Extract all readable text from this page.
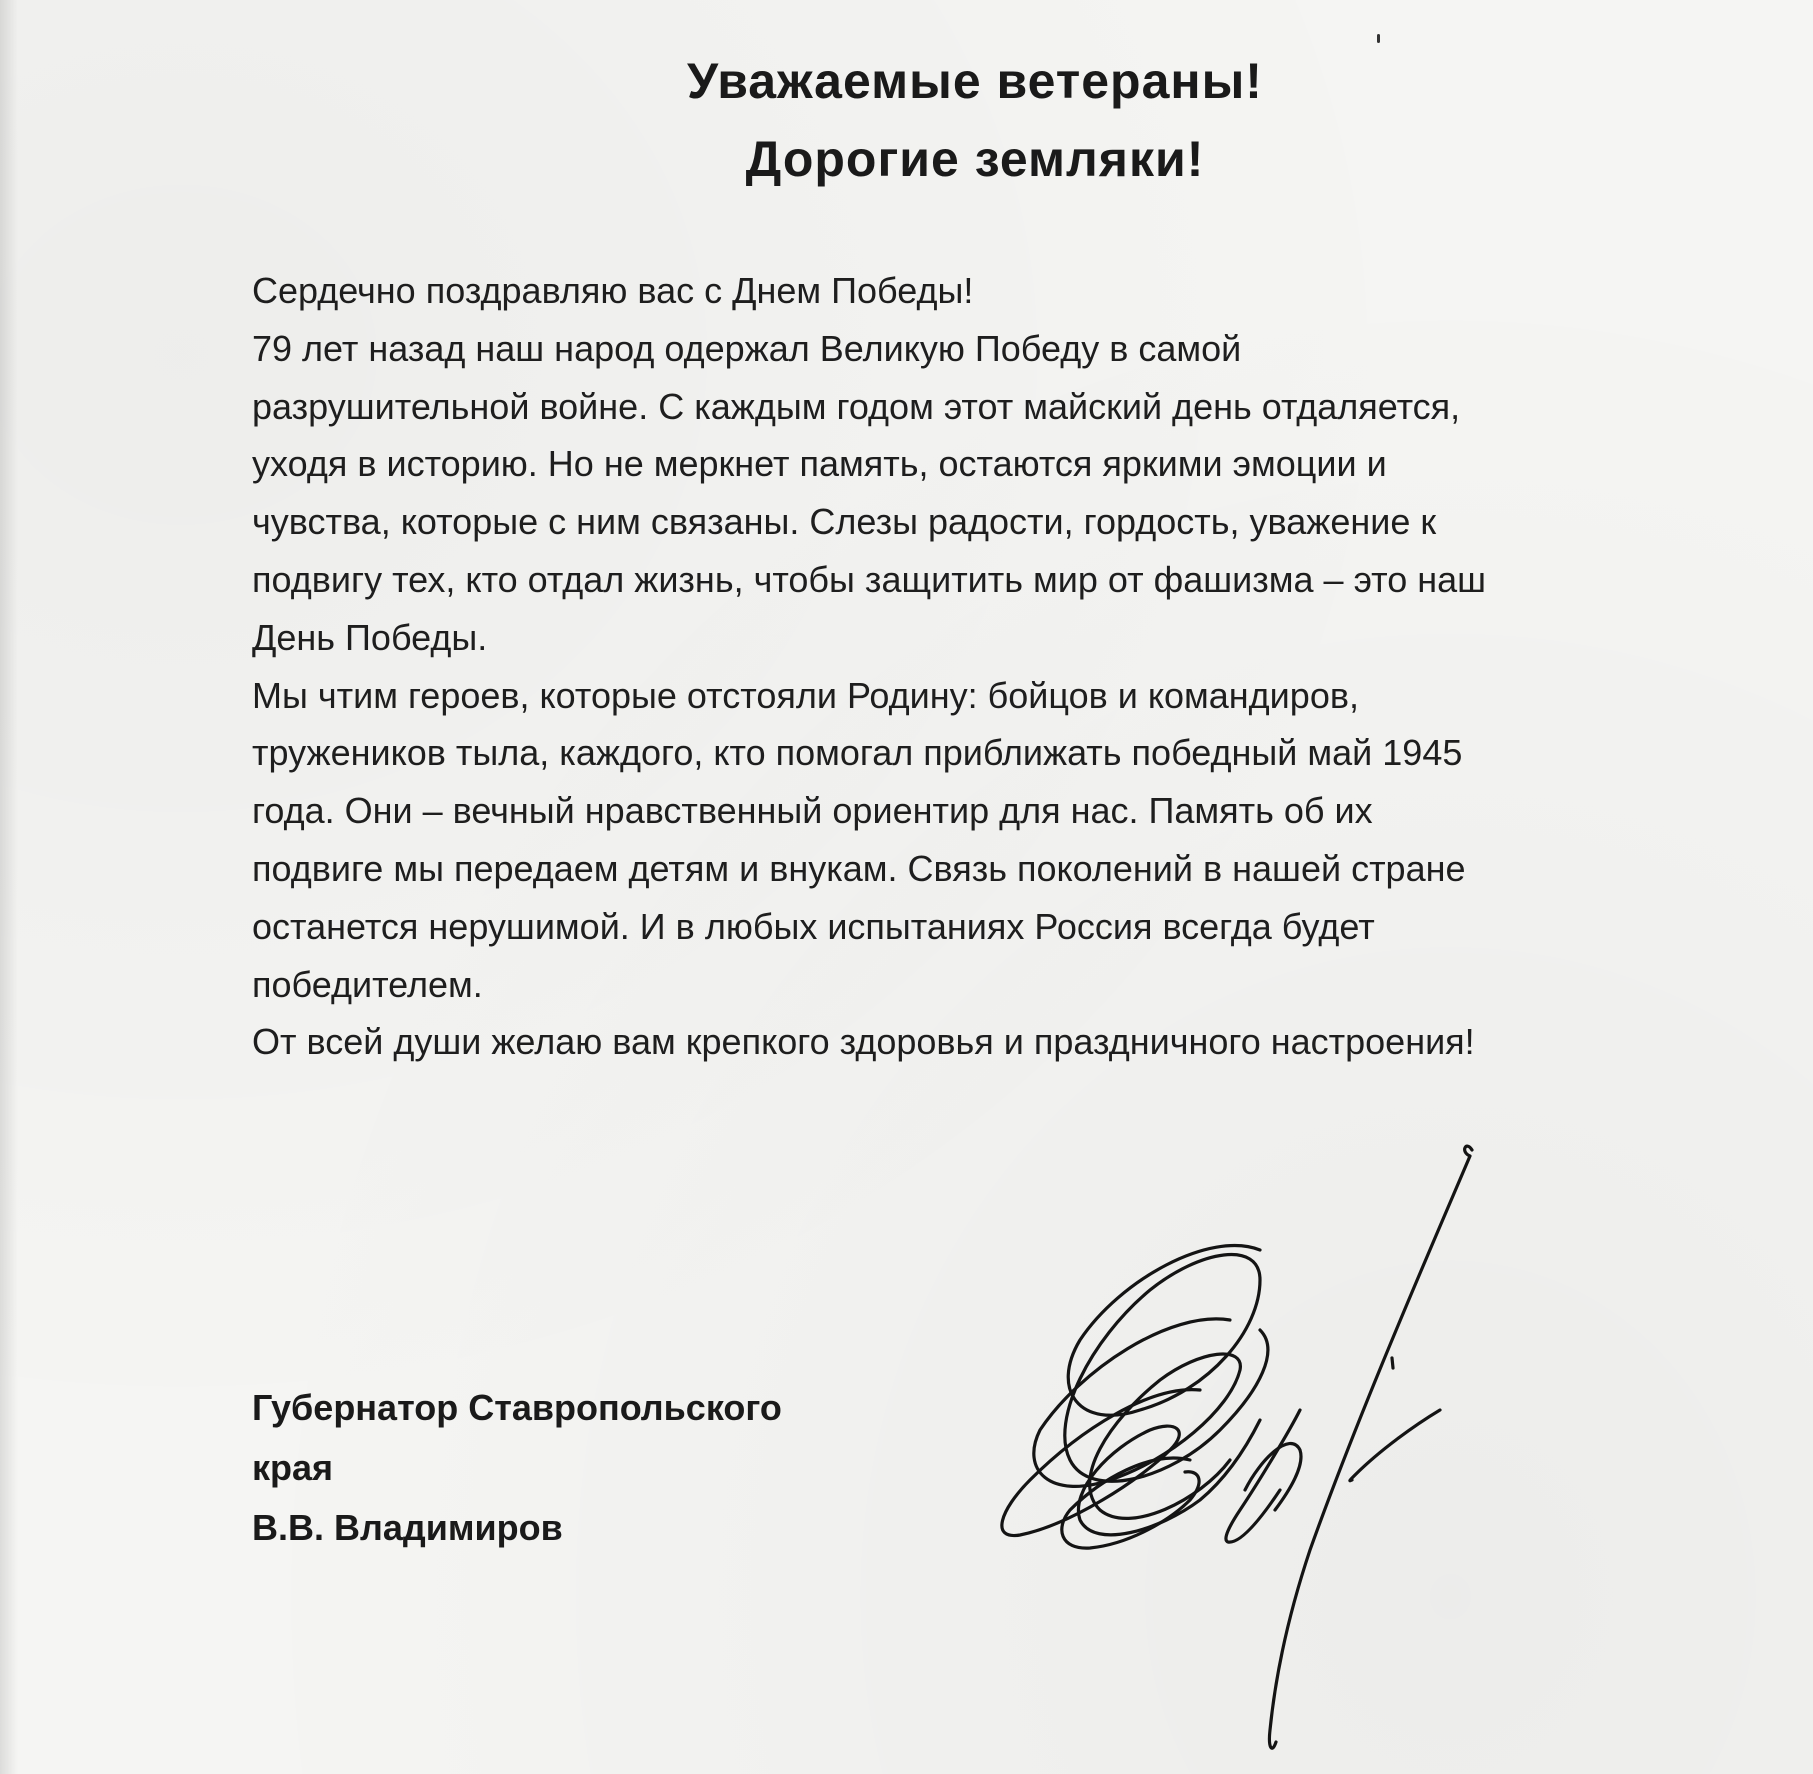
Уважаемые ветераны!
Дорогие земляки!
Сердечно поздравляю вас с Днем Победы!
79 лет назад наш народ одержал Великую Победу в самой
разрушительной войне. С каждым годом этот майский день отдаляется,
уходя в историю. Но не меркнет память, остаются яркими эмоции и
чувства, которые с ним связаны. Слезы радости, гордость, уважение к
подвигу тех, кто отдал жизнь, чтобы защитить мир от фашизма – это наш
День Победы.
Мы чтим героев, которые отстояли Родину: бойцов и командиров,
тружеников тыла, каждого, кто помогал приближать победный май 1945
года. Они – вечный нравственный ориентир для нас. Память об их
подвиге мы передаем детям и внукам. Связь поколений в нашей стране
останется нерушимой. И в любых испытаниях Россия всегда будет
победителем.
От всей души желаю вам крепкого здоровья и праздничного настроения!
Губернатор Ставропольского
края
В.В. Владимиров
